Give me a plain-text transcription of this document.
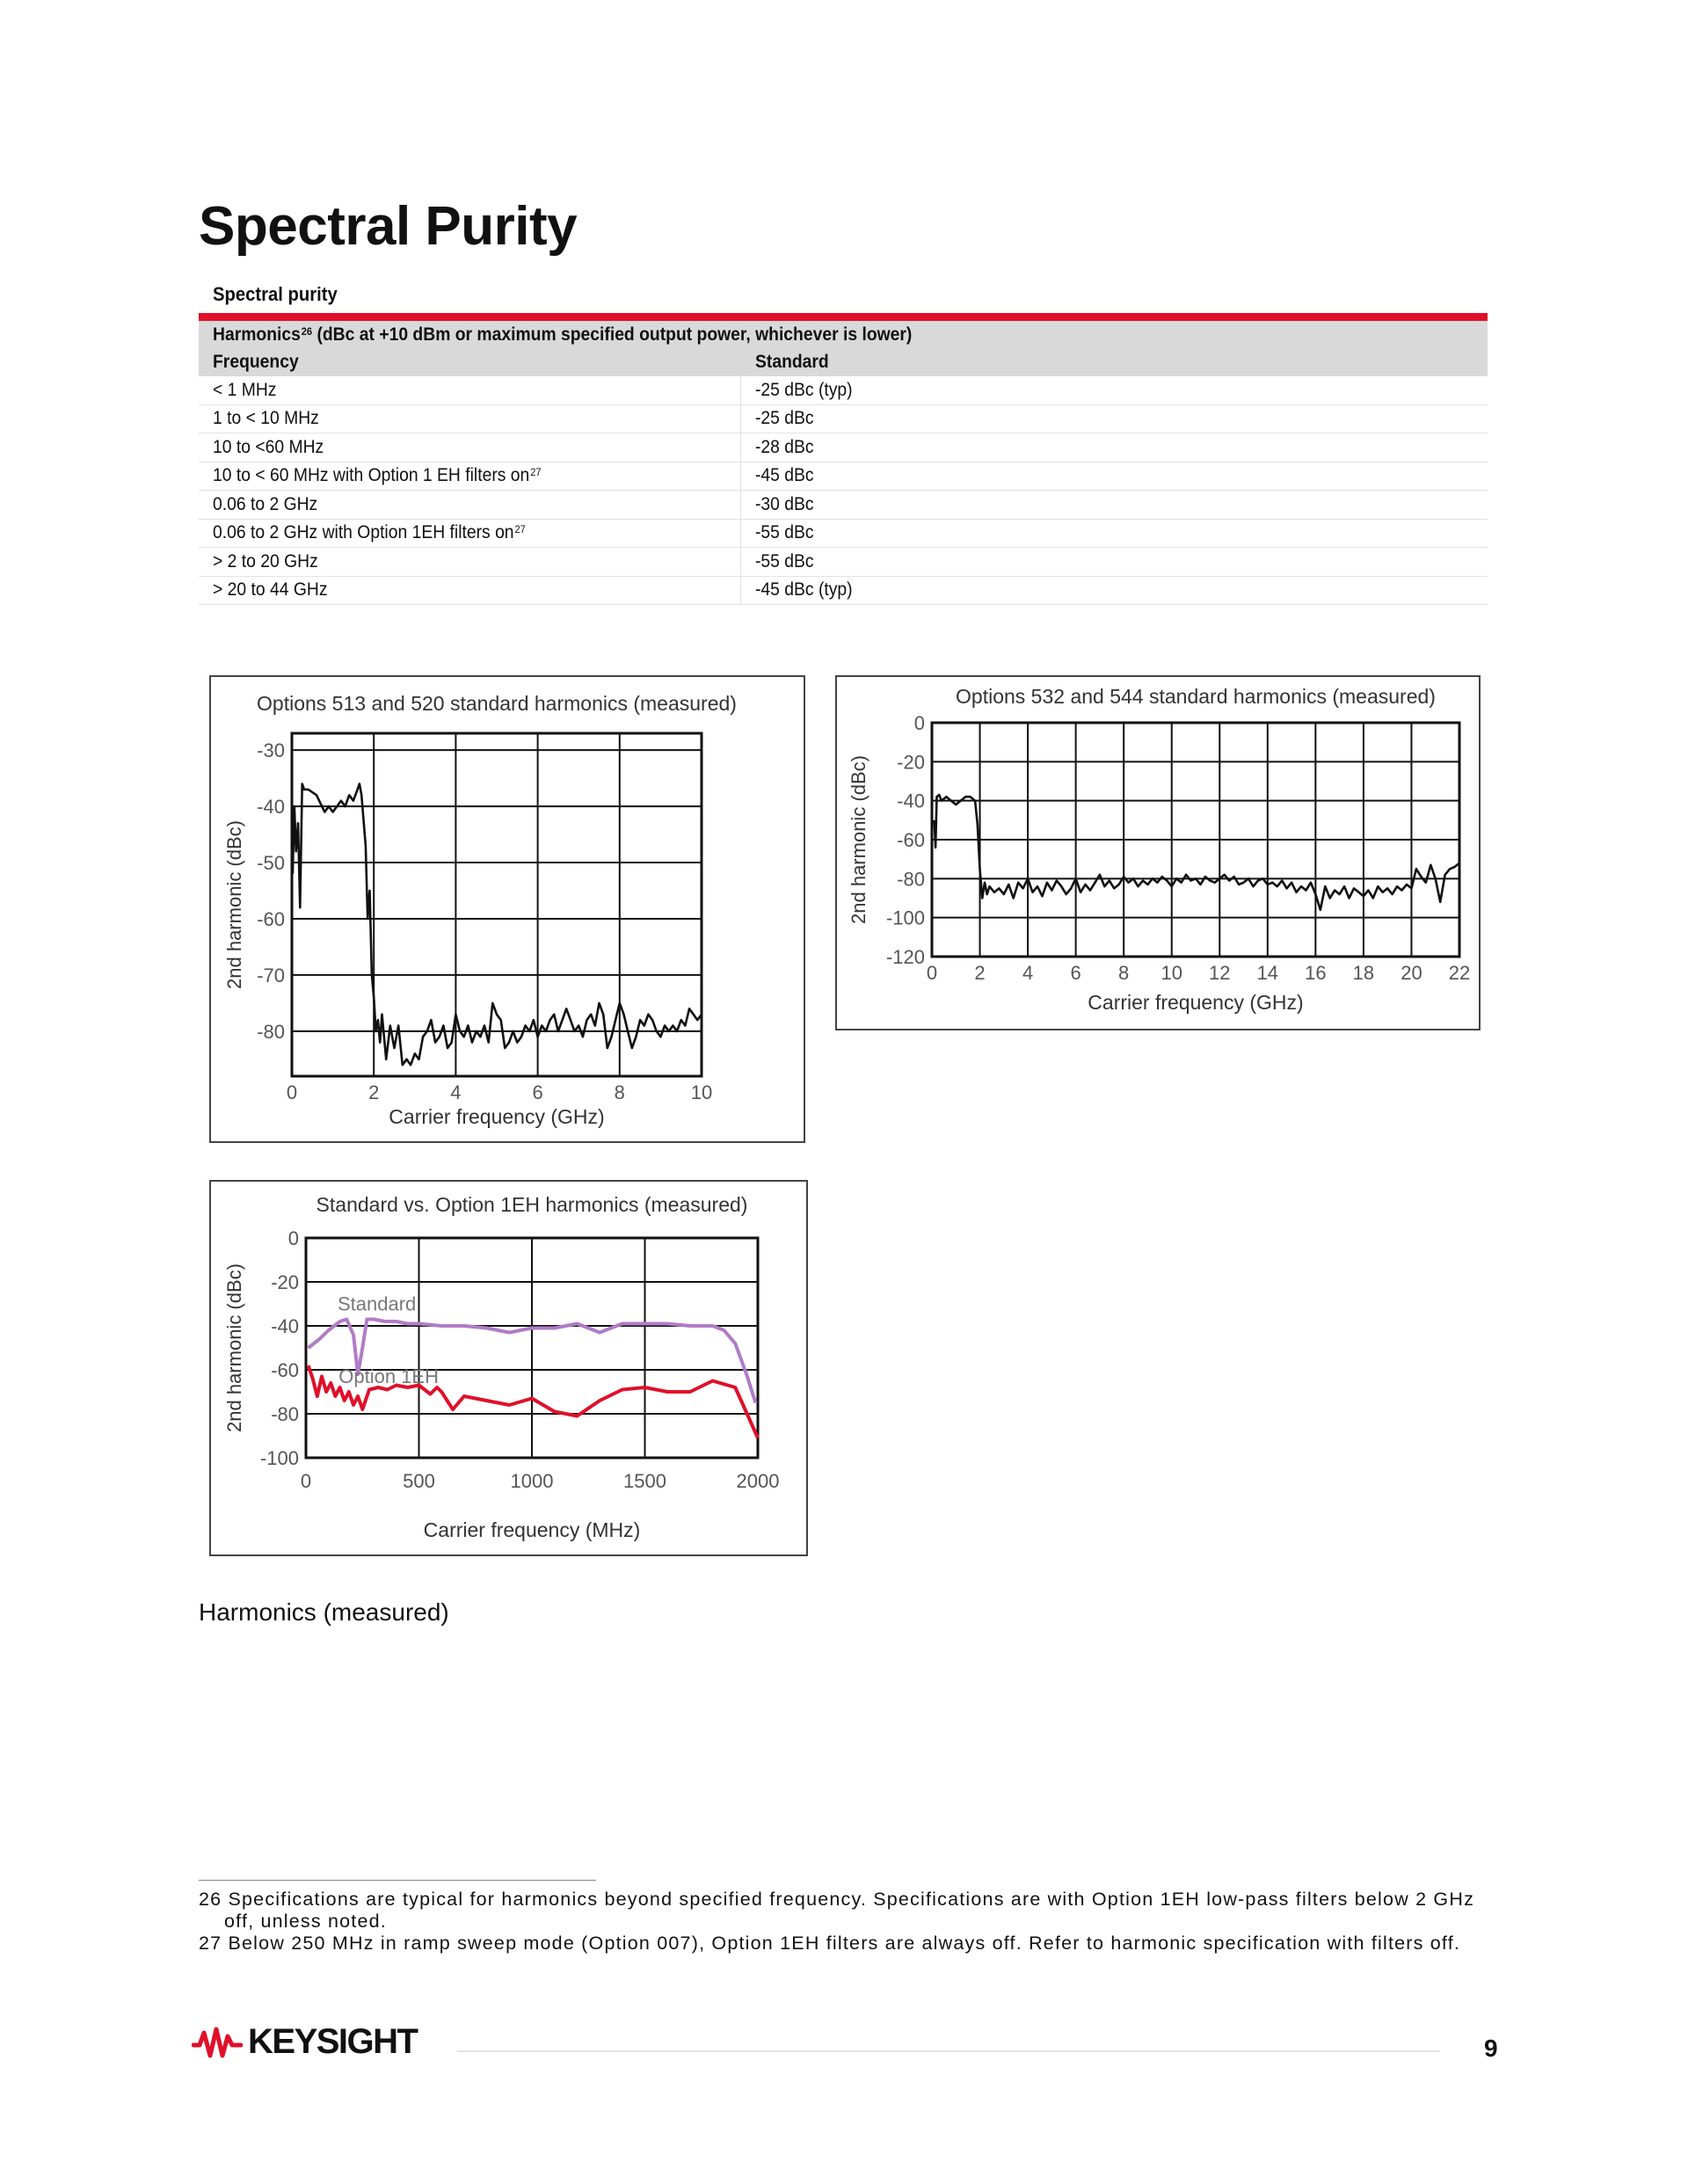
Spectral Purity
Spectral purity
Harmonics$^{26}$ (dBc at +10 dBm or maximum specified output power, whichever is lower)	
Frequency	Standard
< 1 MHz	-25 dBc (typ)
1 to < 10 MHz	-25 dBc
10 to <60 MHz	-28 dBc
10 to < 60 MHz with Option 1 EH filters on$^{27}$	-45 dBc
0.06 to 2 GHz	-30 dBc
0.06 to 2 GHz with Option 1EH filters on$^{27}$	-55 dBc
> 2 to 20 GHz	-55 dBc
> 20 to 44 GHz	-45 dBc (typ)
0	2	4	6	8	10
-30
-40
-50
-60
-70
-80
Options 513 and 520 standard harmonics (measured)
Carrier frequency (GHz)
2nd harmonic (dBc)	0 2 4 6 8 10 12 14 16 18 20 22
0
-20
-40
-60
-80
-100
-120
Options 532 and 544 standard harmonics (measured)
Carrier frequency (GHz)
2nd harmonic (dBc)
0	500	1000	1500	2000
0
-20
-40
-60
-80
-100
Standard vs. Option 1EH harmonics (measured)
Carrier frequency (MHz)
2nd harmonic (dBc)	Standard
Option 1EH
Harmonics (measured)
26 Specifications are typical for harmonics beyond specified frequency. Specifications are with Option 1EH low-pass filters below 2 GHz off, unless noted.
27 Below 250 MHz in ramp sweep mode (Option 007), Option 1EH filters are always off. Refer to harmonic specification with filters off.
KEYSIGHT	9
